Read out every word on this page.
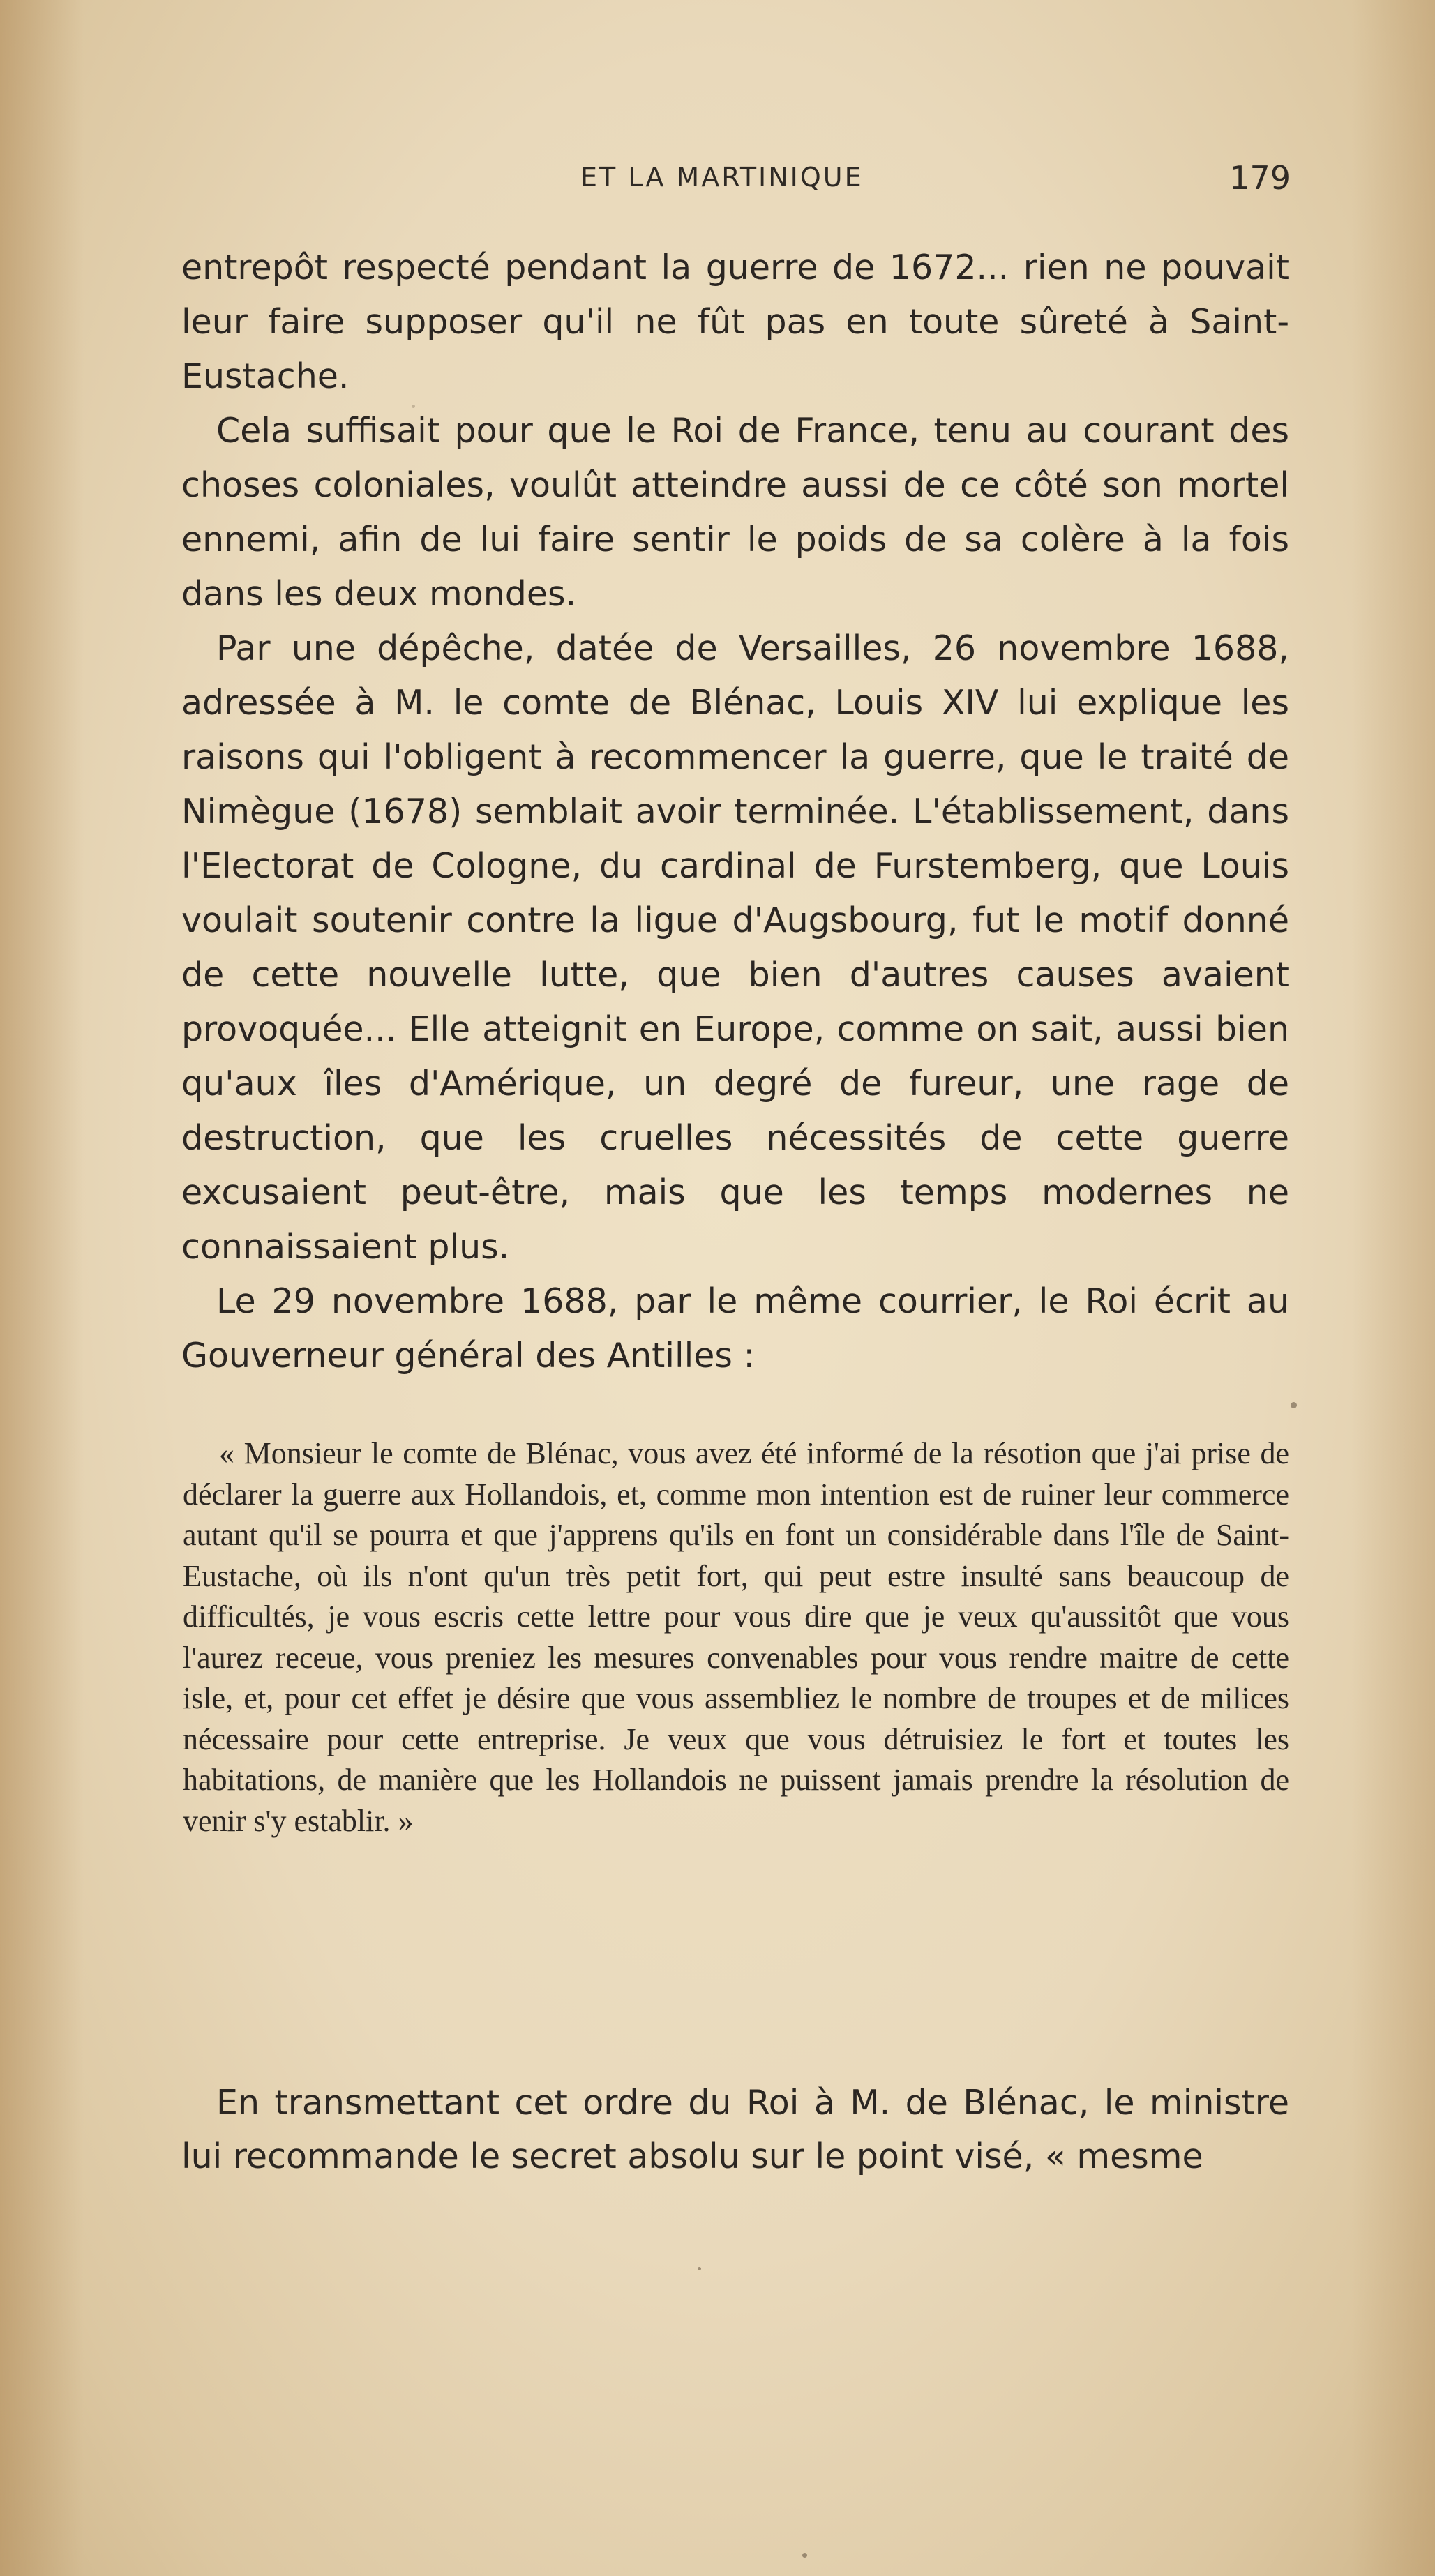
ET LA MARTINIQUE	179

entrepôt respecté pendant la guerre de 1672... rien ne pouvait leur faire supposer qu'il ne fût pas en toute sûreté à Saint-Eustache.

Cela suffisait pour que le Roi de France, tenu au courant des choses coloniales, voulût atteindre aussi de ce côté son mortel ennemi, afin de lui faire sentir le poids de sa colère à la fois dans les deux mondes.

Par une dépêche, datée de Versailles, 26 novembre 1688, adressée à M. le comte de Blénac, Louis XIV lui explique les raisons qui l'obligent à recommencer la guerre, que le traité de Nimègue (1678) semblait avoir terminée. L'établissement, dans l'Electorat de Cologne, du cardinal de Furstemberg, que Louis voulait soutenir contre la ligue d'Augsbourg, fut le motif donné de cette nouvelle lutte, que bien d'autres causes avaient provoquée... Elle atteignit en Europe, comme on sait, aussi bien qu'aux îles d'Amérique, un degré de fureur, une rage de destruction, que les cruelles nécessités de cette guerre excusaient peut-être, mais que les temps modernes ne connaissaient plus.

Le 29 novembre 1688, par le même courrier, le Roi écrit au Gouverneur général des Antilles :

« Monsieur le comte de Blénac, vous avez été informé de la résotion que j'ai prise de déclarer la guerre aux Hollandois, et, comme mon intention est de ruiner leur commerce autant qu'il se pourra et que j'apprens qu'ils en font un considérable dans l'île de Saint-Eustache, où ils n'ont qu'un très petit fort, qui peut estre insulté sans beaucoup de difficultés, je vous escris cette lettre pour vous dire que je veux qu'aussitôt que vous l'aurez receue, vous preniez les mesures convenables pour vous rendre maitre de cette isle, et, pour cet effet je désire que vous assembliez le nombre de troupes et de milices nécessaire pour cette entreprise. Je veux que vous détruisiez le fort et toutes les habitations, de manière que les Hollandois ne puissent jamais prendre la résolution de venir s'y establir. »
En transmettant cet ordre du Roi à M. de Blénac, le ministre lui recommande le secret absolu sur le point visé, « mesme
